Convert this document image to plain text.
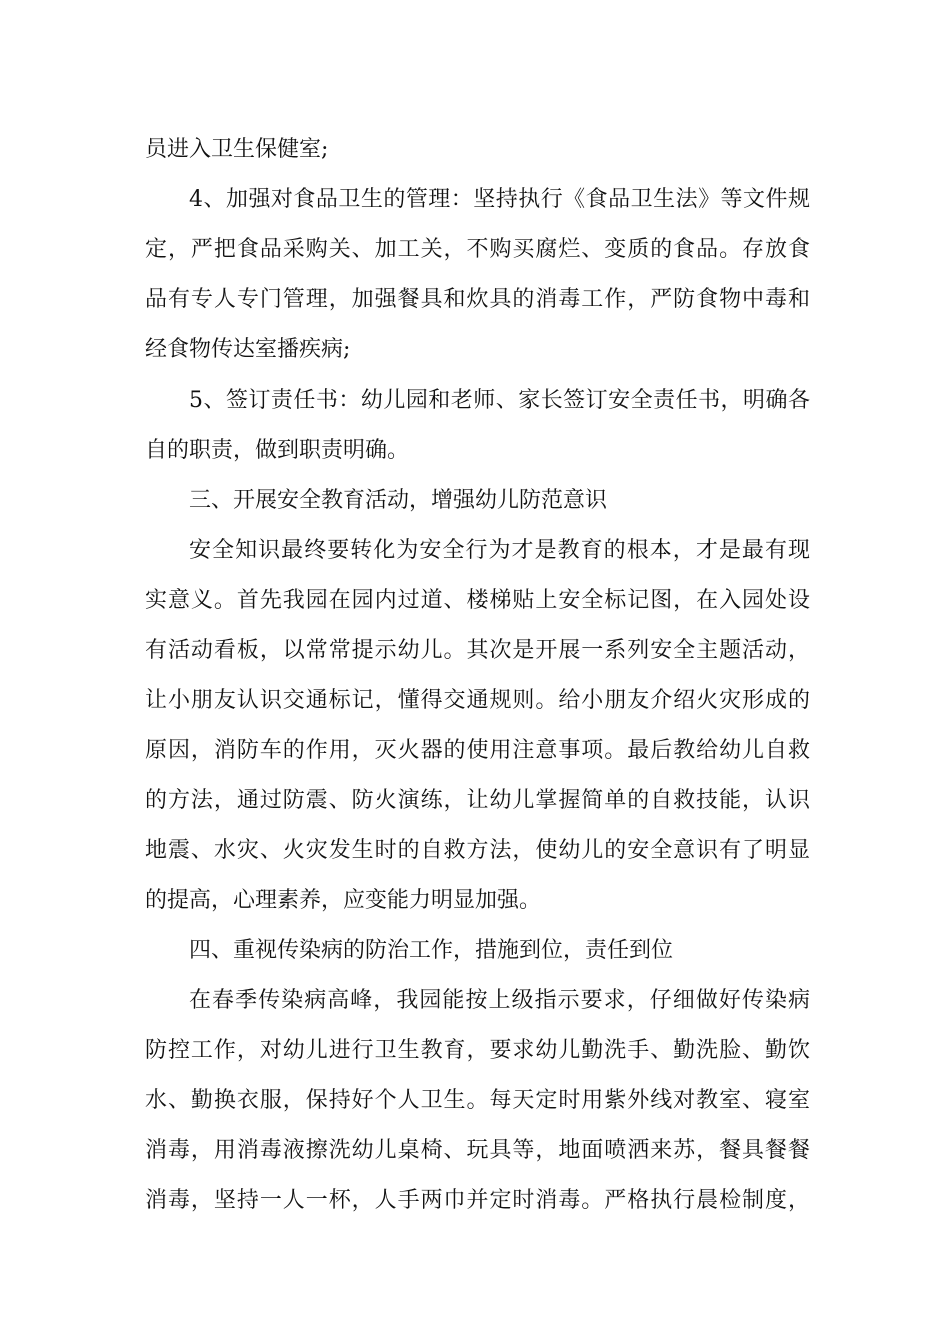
员进入卫生保健室;
4、加强对食品卫生的管理：坚持执行《食品卫生法》等文件规
定，严把食品采购关、加工关，不购买腐烂、变质的食品。存放食
品有专人专门管理，加强餐具和炊具的消毒工作，严防食物中毒和
经食物传达室播疾病;
5、签订责任书：幼儿园和老师、家长签订安全责任书，明确各
自的职责，做到职责明确。
三、开展安全教育活动，增强幼儿防范意识
安全知识最终要转化为安全行为才是教育的根本，才是最有现
实意义。首先我园在园内过道、楼梯贴上安全标记图，在入园处设
有活动看板，以常常提示幼儿。其次是开展一系列安全主题活动，
让小朋友认识交通标记，懂得交通规则。给小朋友介绍火灾形成的
原因，消防车的作用，灭火器的使用注意事项。最后教给幼儿自救
的方法，通过防震、防火演练，让幼儿掌握简单的自救技能，认识
地震、水灾、火灾发生时的自救方法，使幼儿的安全意识有了明显
的提高，心理素养，应变能力明显加强。
四、重视传染病的防治工作，措施到位，责任到位
在春季传染病高峰，我园能按上级指示要求，仔细做好传染病
防控工作，对幼儿进行卫生教育，要求幼儿勤洗手、勤洗脸、勤饮
水、勤换衣服，保持好个人卫生。每天定时用紫外线对教室、寝室
消毒，用消毒液擦洗幼儿桌椅、玩具等，地面喷洒来苏，餐具餐餐
消毒，坚持一人一杯，人手两巾并定时消毒。严格执行晨检制度，
